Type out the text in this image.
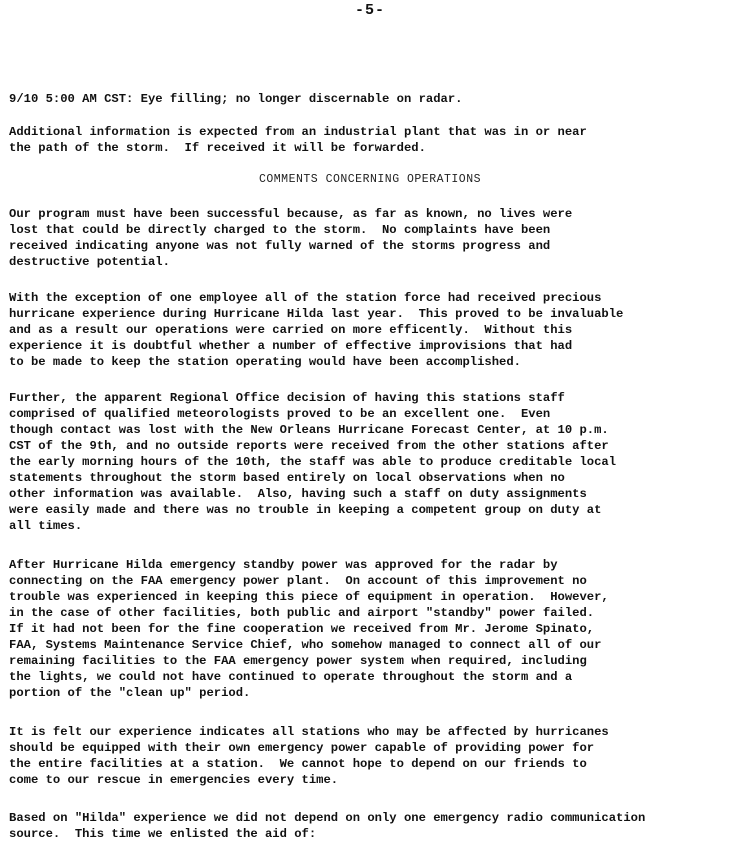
-5-
9/10 5:00 AM CST: Eye filling; no longer discernable on radar.
Additional information is expected from an industrial plant that was in or near
the path of the storm.  If received it will be forwarded.
COMMENTS CONCERNING OPERATIONS
Our program must have been successful because, as far as known, no lives were
lost that could be directly charged to the storm.  No complaints have been
received indicating anyone was not fully warned of the storms progress and
destructive potential.
With the exception of one employee all of the station force had received precious
hurricane experience during Hurricane Hilda last year.  This proved to be invaluable
and as a result our operations were carried on more efficently.  Without this
experience it is doubtful whether a number of effective improvisions that had
to be made to keep the station operating would have been accomplished.
Further, the apparent Regional Office decision of having this stations staff
comprised of qualified meteorologists proved to be an excellent one.  Even
though contact was lost with the New Orleans Hurricane Forecast Center, at 10 p.m.
CST of the 9th, and no outside reports were received from the other stations after
the early morning hours of the 10th, the staff was able to produce creditable local
statements throughout the storm based entirely on local observations when no
other information was available.  Also, having such a staff on duty assignments
were easily made and there was no trouble in keeping a competent group on duty at
all times.
After Hurricane Hilda emergency standby power was approved for the radar by
connecting on the FAA emergency power plant.  On account of this improvement no
trouble was experienced in keeping this piece of equipment in operation.  However,
in the case of other facilities, both public and airport "standby" power failed.
If it had not been for the fine cooperation we received from Mr. Jerome Spinato,
FAA, Systems Maintenance Service Chief, who somehow managed to connect all of our
remaining facilities to the FAA emergency power system when required, including
the lights, we could not have continued to operate throughout the storm and a
portion of the "clean up" period.
It is felt our experience indicates all stations who may be affected by hurricanes
should be equipped with their own emergency power capable of providing power for
the entire facilities at a station.  We cannot hope to depend on our friends to
come to our rescue in emergencies every time.
Based on "Hilda" experience we did not depend on only one emergency radio communication
source.  This time we enlisted the aid of:
